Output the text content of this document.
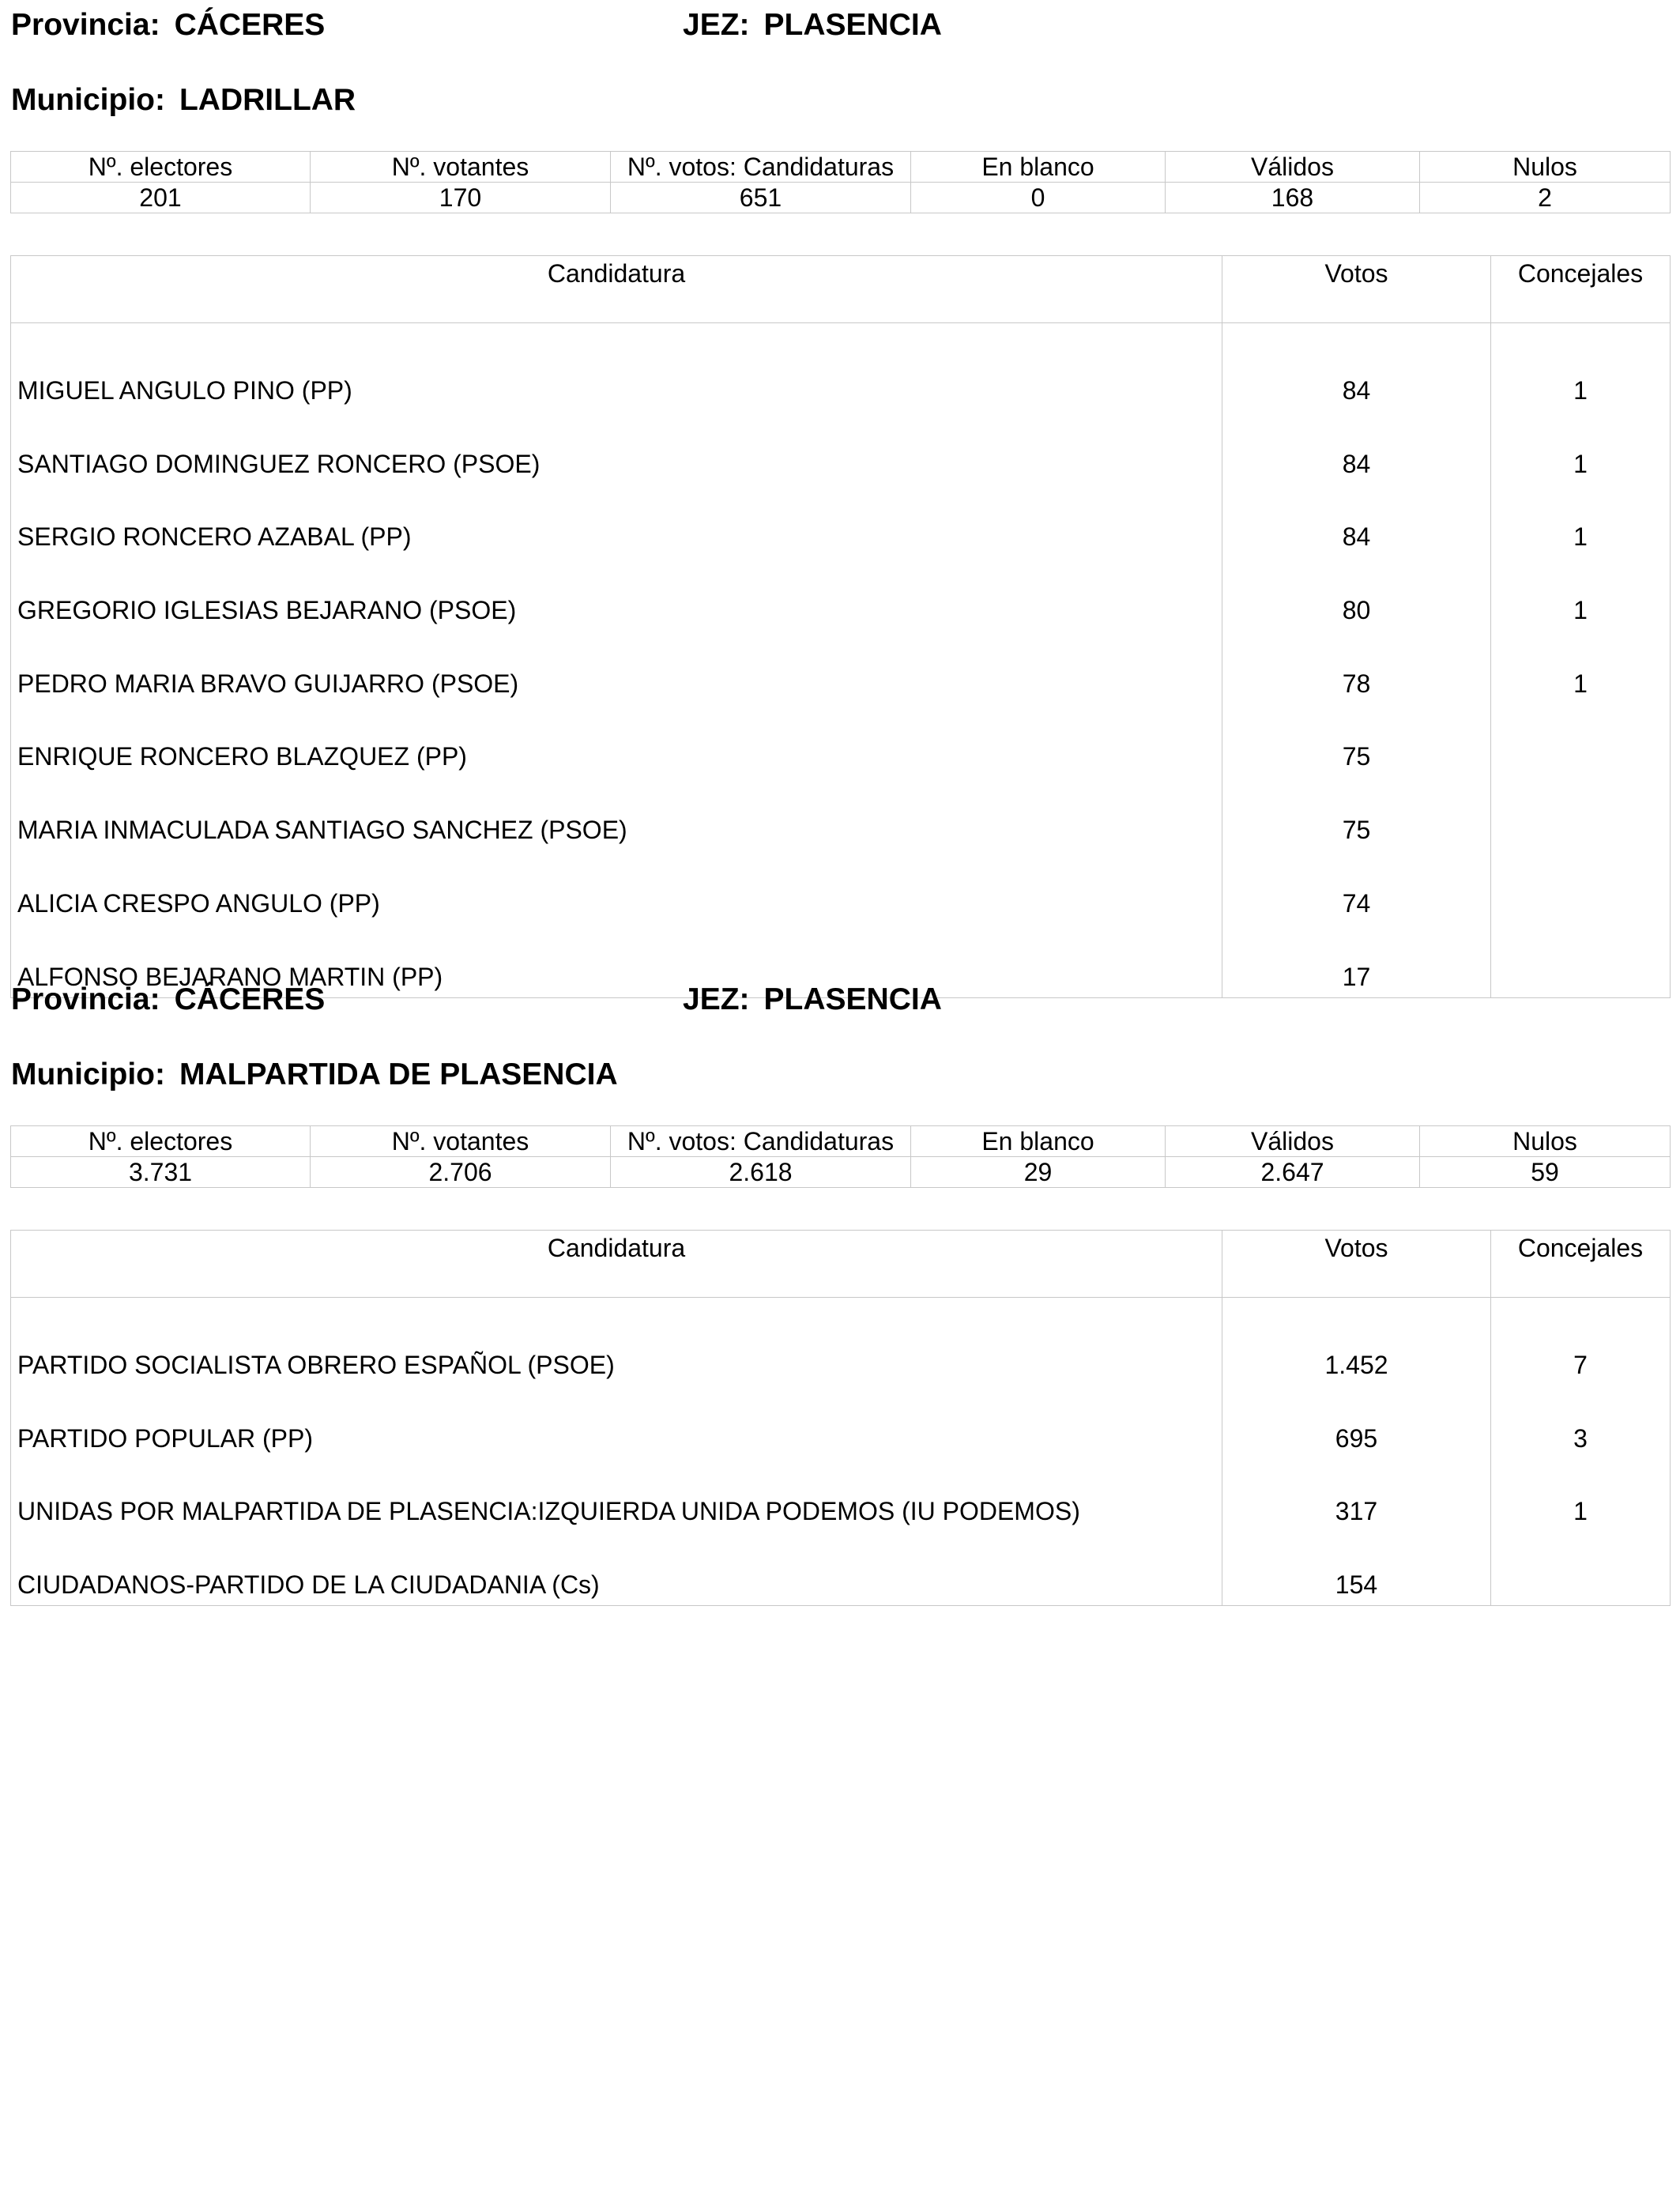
Provincia: CÁCERES	JEZ: PLASENCIA
Municipio: LADRILLAR
Nº. electores	Nº. votantes	Nº. votos: Candidaturas	En blanco	Válidos	Nulos
201	170	651	0	168	2
Candidatura	Votos	Concejales
MIGUEL ANGULO PINO (PP)	84	1
SANTIAGO DOMINGUEZ RONCERO (PSOE)	84	1
SERGIO RONCERO AZABAL (PP)	84	1
GREGORIO IGLESIAS BEJARANO (PSOE)	80	1
PEDRO MARIA BRAVO GUIJARRO (PSOE)	78	1
ENRIQUE RONCERO BLAZQUEZ (PP)	75	
MARIA INMACULADA SANTIAGO SANCHEZ (PSOE)	75	
ALICIA CRESPO ANGULO (PP)	74	
ALFONSO BEJARANO MARTIN (PP)	17	
Provincia: CÁCERES	JEZ: PLASENCIA
Municipio: MALPARTIDA DE PLASENCIA
Nº. electores	Nº. votantes	Nº. votos: Candidaturas	En blanco	Válidos	Nulos
3.731	2.706	2.618	29	2.647	59
Candidatura	Votos	Concejales
PARTIDO SOCIALISTA OBRERO ESPAÑOL (PSOE)	1.452	7
PARTIDO POPULAR (PP)	695	3
UNIDAS POR MALPARTIDA DE PLASENCIA:IZQUIERDA UNIDA PODEMOS (IU PODEMOS)	317	1
CIUDADANOS-PARTIDO DE LA CIUDADANIA (Cs)	154	
